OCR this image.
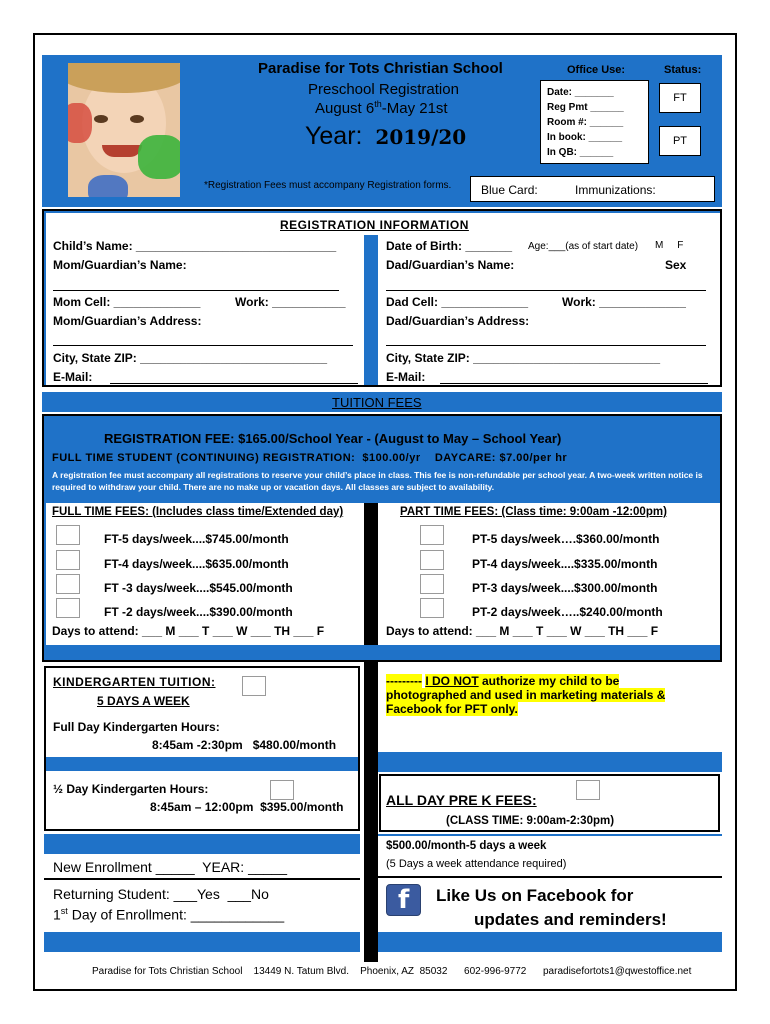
Paradise for Tots Christian School
Preschool Registration
August 6th-May 21st
Year: 2019/20
*Registration Fees must accompany Registration forms.
Office Use:	Status:
Date: _______
Reg Pmt ______
Room #: ______
In book: ______
In QB: ______
FT
PT
Blue Card:	Immunizations:
REGISTRATION INFORMATION
Child’s Name: ______________________________
Mom/Guardian’s Name:
Mom Cell: _____________	Work: ___________
Mom/Guardian’s Address:
City, State ZIP: ____________________________
E-Mail:
Date of Birth: _______ Age:___(as of start date) M     F
Dad/Guardian’s Name:	Sex
Dad Cell: _____________	Work: _____________
Dad/Guardian’s Address:
City, State ZIP: ____________________________
E-Mail:
TUITION FEES
REGISTRATION FEE: $165.00/School Year - (August to May – School Year)
FULL TIME STUDENT (CONTINUING) REGISTRATION:  $100.00/yr    DAYCARE: $7.00/per hr
A registration fee must accompany all registrations to reserve your child’s place in class. This fee is non-refundable per school year. A two-week written notice is required to withdraw your child. There are no make up or vacation days. All classes are subject to availability.
FULL TIME FEES: (Includes class time/Extended day)
FT-5 days/week....$745.00/month
FT-4 days/week....$635.00/month
FT -3 days/week....$545.00/month
FT -2 days/week....$390.00/month
Days to attend: ___ M ___ T ___ W ___ TH ___ F
PART TIME FEES: (Class time: 9:00am -12:00pm)
PT-5 days/week….$360.00/month
PT-4 days/week....$335.00/month
PT-3 days/week....$300.00/month
PT-2 days/week…..$240.00/month
Days to attend: ___ M ___ T ___ W ___ TH ___ F
KINDERGARTEN TUITION:
5 DAYS A WEEK
Full Day Kindergarten Hours:
8:45am -2:30pm   $480.00/month
½ Day Kindergarten Hours:
8:45am – 12:00pm  $395.00/month
New Enrollment _____  YEAR: _____
Returning Student: ___Yes  ___No
1st Day of Enrollment: ____________
--------- I DO NOT authorize my child to be photographed and used in marketing materials & Facebook for PFT only.
ALL DAY PRE K FEES:
(CLASS TIME: 9:00am-2:30pm)
$500.00/month-5 days a week
(5 Days a week attendance required)
f Like Us on Facebook for
updates and reminders!
Paradise for Tots Christian School    13449 N. Tatum Blvd.    Phoenix, AZ  85032      602-996-9772      paradisefortots1@qwestoffice.net
